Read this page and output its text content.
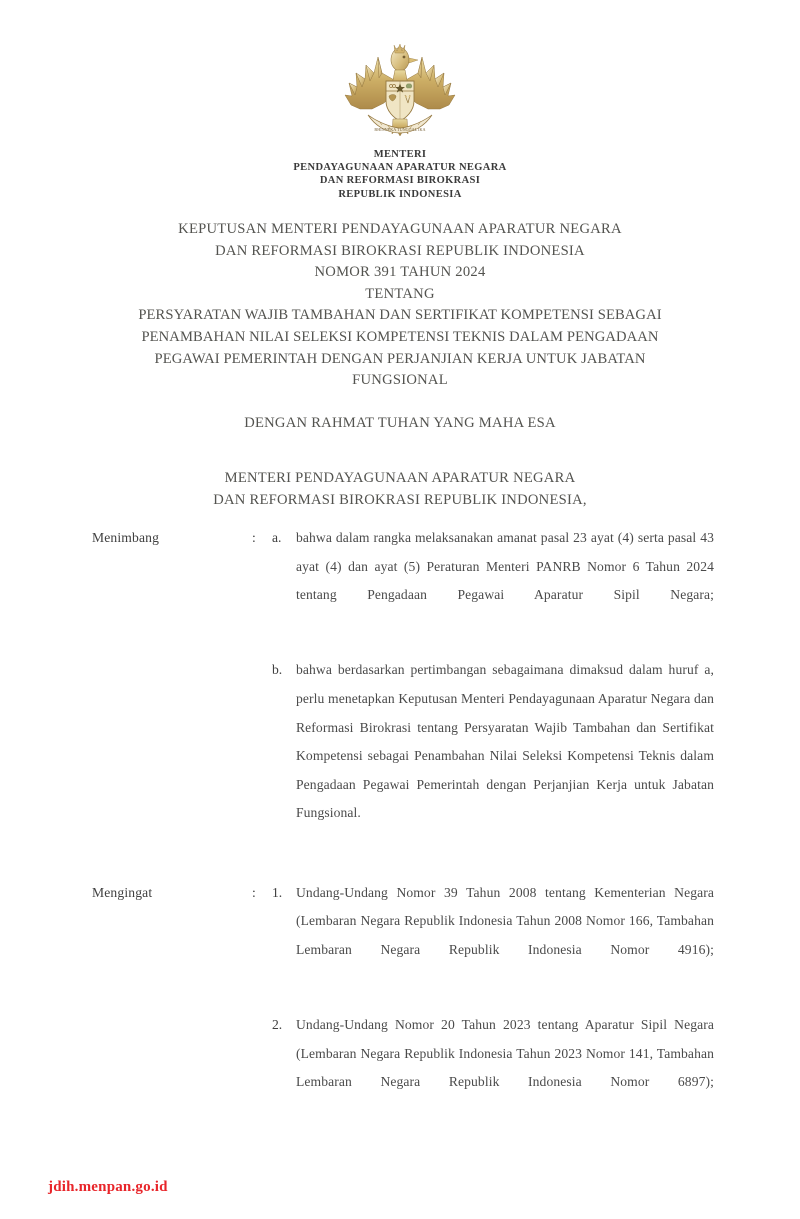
BHINNEKA TUNGGAL IKA
MENTERI
PENDAYAGUNAAN APARATUR NEGARA
DAN REFORMASI BIROKRASI
REPUBLIK INDONESIA
KEPUTUSAN MENTERI PENDAYAGUNAAN APARATUR NEGARA
DAN REFORMASI BIROKRASI REPUBLIK INDONESIA
NOMOR 391 TAHUN 2024
TENTANG
PERSYARATAN WAJIB TAMBAHAN DAN SERTIFIKAT KOMPETENSI SEBAGAI
PENAMBAHAN NILAI SELEKSI KOMPETENSI TEKNIS DALAM PENGADAAN
PEGAWAI PEMERINTAH DENGAN PERJANJIAN KERJA UNTUK JABATAN
FUNGSIONAL
DENGAN RAHMAT TUHAN YANG MAHA ESA
MENTERI PENDAYAGUNAAN APARATUR NEGARA
DAN REFORMASI BIROKRASI REPUBLIK INDONESIA,
Menimbang	:	a.	bahwa dalam rangka melaksanakan amanat pasal 23 ayat (4) serta pasal 43 ayat (4) dan ayat (5) Peraturan Menteri PANRB Nomor 6 Tahun 2024 tentang Pengadaan Pegawai Aparatur Sipil Negara;
b.	bahwa berdasarkan pertimbangan sebagaimana dimaksud dalam huruf a, perlu menetapkan Keputusan Menteri Pendayagunaan Aparatur Negara dan Reformasi Birokrasi tentang Persyaratan Wajib Tambahan dan Sertifikat Kompetensi sebagai Penambahan Nilai Seleksi Kompetensi Teknis dalam Pengadaan Pegawai Pemerintah dengan Perjanjian Kerja untuk Jabatan Fungsional.
Mengingat	:	1.	Undang-Undang Nomor 39 Tahun 2008 tentang Kementerian Negara (Lembaran Negara Republik Indonesia Tahun 2008 Nomor 166, Tambahan Lembaran Negara Republik Indonesia Nomor 4916);
2.	Undang-Undang Nomor 20 Tahun 2023 tentang Aparatur Sipil Negara (Lembaran Negara Republik Indonesia Tahun 2023 Nomor 141, Tambahan Lembaran Negara Republik Indonesia Nomor 6897);
jdih.menpan.go.id
